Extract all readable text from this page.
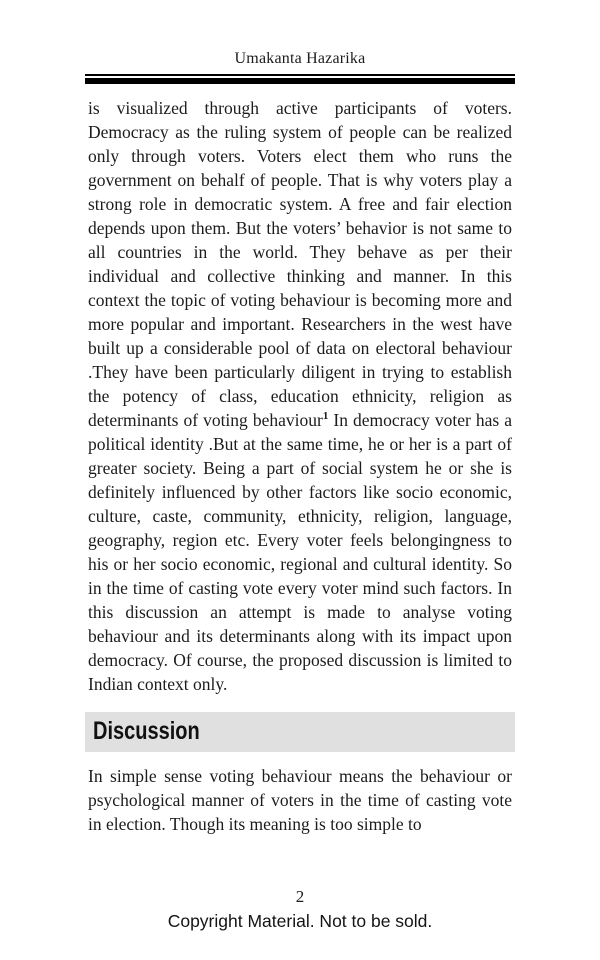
Umakanta Hazarika
is visualized through active participants of voters. Democracy as the ruling system of people can be realized only through voters. Voters elect them who runs the government on behalf of people. That is why voters play a strong role in democratic system. A free and fair election depends upon them. But the voters’ behavior is not same to all countries in the world. They behave as per their individual and collective thinking and manner. In this context the topic of voting behaviour is becoming more and more popular and important. Researchers in the west have built up a considerable pool of data on electoral behaviour .They have been particularly diligent in trying to establish the potency of class, education ethnicity, religion as determinants of voting behaviour$^1$ In democracy voter has a political identity .But at the same time, he or her is a part of greater society. Being a part of social system he or she is definitely influenced by other factors like socio economic, culture, caste, community, ethnicity, religion, language, geography, region etc. Every voter feels belongingness to his or her socio economic, regional and cultural identity. So in the time of casting vote every voter mind such factors. In this discussion an attempt is made to analyse voting behaviour and its determinants along with its impact upon democracy. Of course, the proposed discussion is limited to Indian context only.
Discussion
In simple sense voting behaviour means the behaviour or psychological manner of voters in the time of casting vote in election. Though its meaning is too simple to
2
Copyright Material. Not to be sold.
